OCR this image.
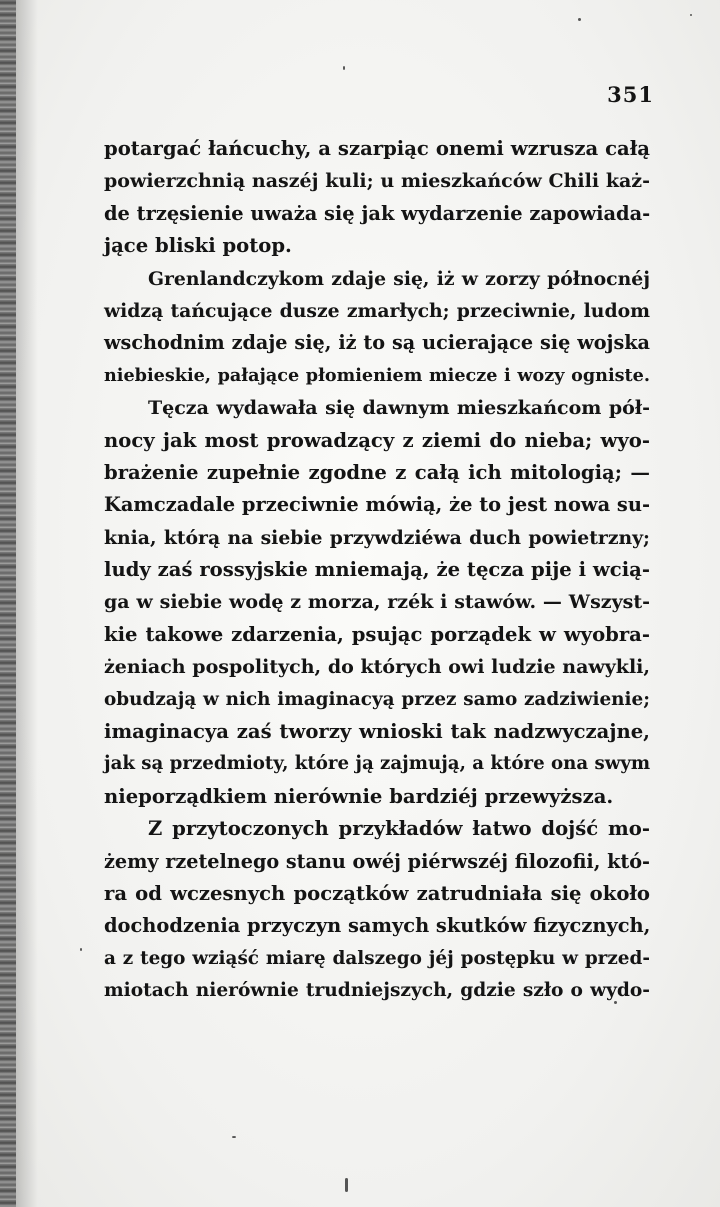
351

potargać łańcuchy, a szarpiąc onemi wzrusza całą

powierzchnią naszéj kuli; u mieszkańców Chili każ-

de trzęsienie uważa się jak wydarzenie zapowiada-

jące bliski potop.

Grenlandczykom zdaje się, iż w zorzy północnéj

widzą tańcujące dusze zmarłych; przeciwnie, ludom

wschodnim zdaje się, iż to są ucierające się wojska

niebieskie, pałające płomieniem miecze i wozy ogniste.

Tęcza wydawała się dawnym mieszkańcom pół-

nocy jak most prowadzący z ziemi do nieba; wyo-

brażenie zupełnie zgodne z całą ich mitologią; —

Kamczadale przeciwnie mówią, że to jest nowa su-

knia, którą na siebie przywdziéwa duch powietrzny;

ludy zaś rossyjskie mniemają, że tęcza pije i wcią-

ga w siebie wodę z morza, rzék i stawów. — Wszyst-

kie takowe zdarzenia, psując porządek w wyobra-

żeniach pospolitych, do których owi ludzie nawykli,

obudzają w nich imaginacyą przez samo zadziwienie;

imaginacya zaś tworzy wnioski tak nadzwyczajne,

jak są przedmioty, które ją zajmują, a które ona swym

nieporządkiem nierównie bardziéj przewyższa.

Z przytoczonych przykładów łatwo dojść mo-

żemy rzetelnego stanu owéj piérwszéj filozofii, któ-

ra od wczesnych początków zatrudniała się około

dochodzenia przyczyn samych skutków fizycznych,

a z tego wziąść miarę dalszego jéj postępku w przed-

miotach nierównie trudniejszych, gdzie szło o wydo-
